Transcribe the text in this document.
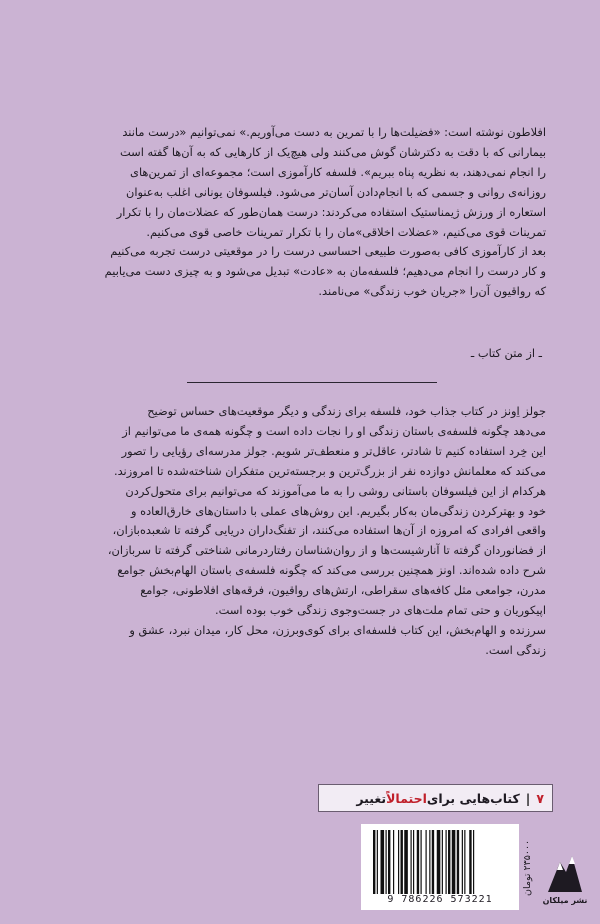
افلاطون نوشته است: «فضیلت‌ها را با تمرین به دست می‌آوریم.» نمی‌توانیم «درست مانند
بیمارانی که با دقت به دکترشان گوش می‌کنند ولی هیچ‌یک از کارهایی که به آن‌ها گفته است
را انجام نمی‌دهند، به نظریه پناه ببریم». فلسفه کارآموزی است؛ مجموعه‌ای از تمرین‌های
روزانه‌ی روانی و جسمی که با انجام‌دادن آسان‌تر می‌شود. فیلسوفان یونانی اغلب به‌عنوان
استعاره از ورزش ژیمناستیک استفاده می‌کردند: درست همان‌طور که عضلات‌مان را با تکرار
تمرینات قوی می‌کنیم، «عضلات اخلاقی»‌مان را با تکرار تمرینات خاصی قوی می‌کنیم.
بعد از کارآموزی کافی به‌صورت طبیعی احساسی درست را در موقعیتی درست تجربه می‌کنیم
و کار درست را انجام می‌دهیم؛ فلسفه‌مان به «عادت» تبدیل می‌شود و به چیزی دست می‌یابیم
که رواقیون آن‌را «جریان خوب زندگی» می‌نامند.
ـ از متن کتاب ـ
جولز اِونز در کتاب جذاب خود، فلسفه برای زندگی و دیگر موقعیت‌های حساس توضیح
می‌دهد چگونه فلسفه‌ی باستان زندگی او را نجات داده است و چگونه همه‌ی ما می‌توانیم از
این خِرد استفاده کنیم تا شادتر، عاقل‌تر و منعطف‌تر شویم. جولز مدرسه‌ای رؤیایی را تصور
می‌کند که معلمانش دوازده نفر از بزرگ‌ترین و برجسته‌ترین متفکران شناخته‌شده تا امروزند.
هرکدام از این فیلسوفان باستانی روشی را به ما می‌آموزند که می‌توانیم برای متحول‌کردن
خود و بهترکردن زندگی‌مان به‌کار بگیریم. این روش‌های عملی با داستان‌های خارق‌العاده و
واقعی افرادی که امروزه از آن‌ها استفاده می‌کنند، از تفنگ‌داران دریایی گرفته تا شعبده‌بازان،
از فضانوردان گرفته تا آنارشیست‌ها و از روان‌شناسان رفتاردرمانی شناختی گرفته تا سربازان،
شرح داده شده‌اند. اونز همچنین بررسی می‌کند که چگونه فلسفه‌ی باستان الهام‌بخش جوامع
مدرن، جوامعی مثل کافه‌های سقراطی، ارتش‌های رواقیون، فرقه‌های افلاطونی، جوامع
اپیکوریان و حتی تمام ملت‌های در جست‌وجوی زندگی خوب بوده است.
سرزنده و الهام‌بخش، این کتاب فلسفه‌ای برای کوی‌وبرزن، محل کار، میدان نبرد، عشق و
زندگی است.
۷
|
کتاب‌هایی برای
احتمالاً
تغییر
9 786226 573221
۲۳۵۰۰۰ تومان
نشر میلکان
